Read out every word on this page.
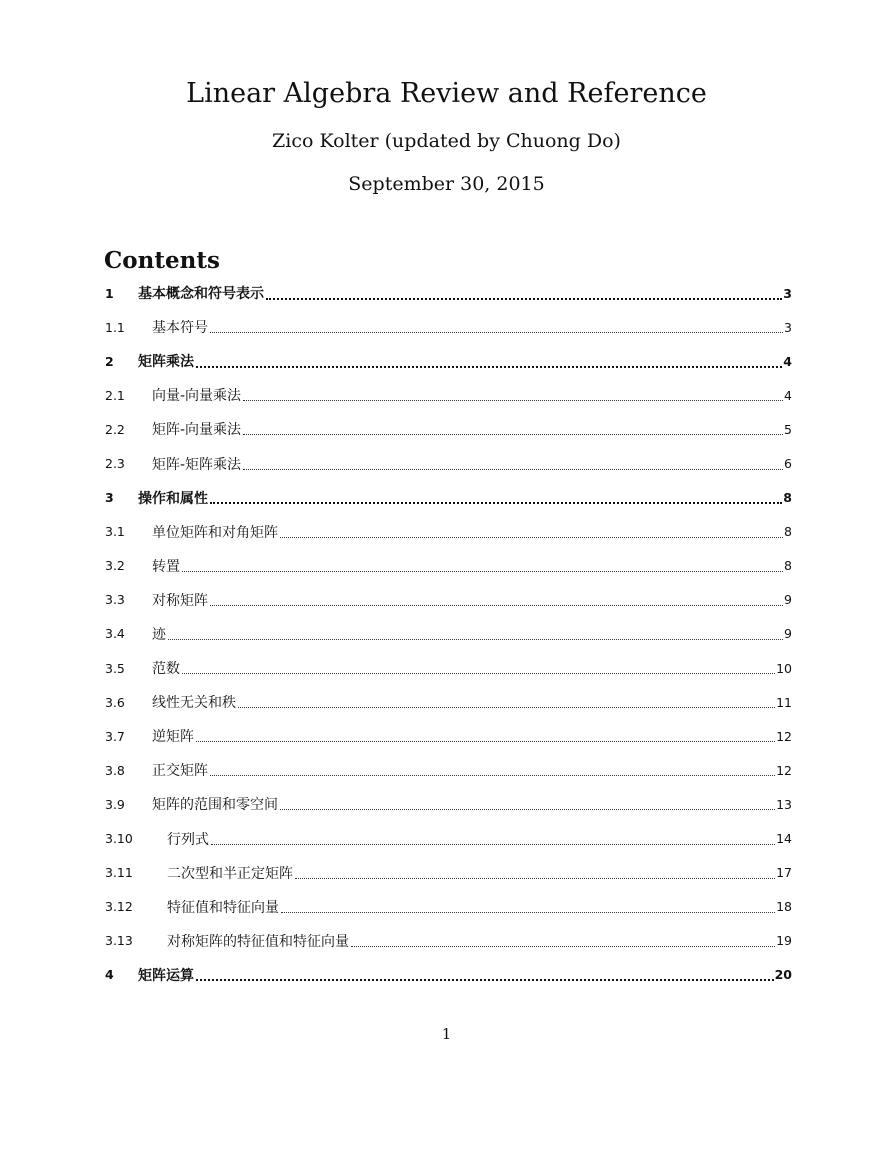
Linear Algebra Review and Reference
Zico Kolter (updated by Chuong Do)
September 30, 2015
Contents
1	基本概念和符号表示	3
1.1	基本符号	3
2	矩阵乘法	4
2.1	向量-向量乘法	4
2.2	矩阵-向量乘法	5
2.3	矩阵-矩阵乘法	6
3	操作和属性	8
3.1	单位矩阵和对角矩阵	8
3.2	转置	8
3.3	对称矩阵	9
3.4	迹	9
3.5	范数	10
3.6	线性无关和秩	11
3.7	逆矩阵	12
3.8	正交矩阵	12
3.9	矩阵的范围和零空间	13
3.10	行列式	14
3.11	二次型和半正定矩阵	17
3.12	特征值和特征向量	18
3.13	对称矩阵的特征值和特征向量	19
4	矩阵运算	20
1
